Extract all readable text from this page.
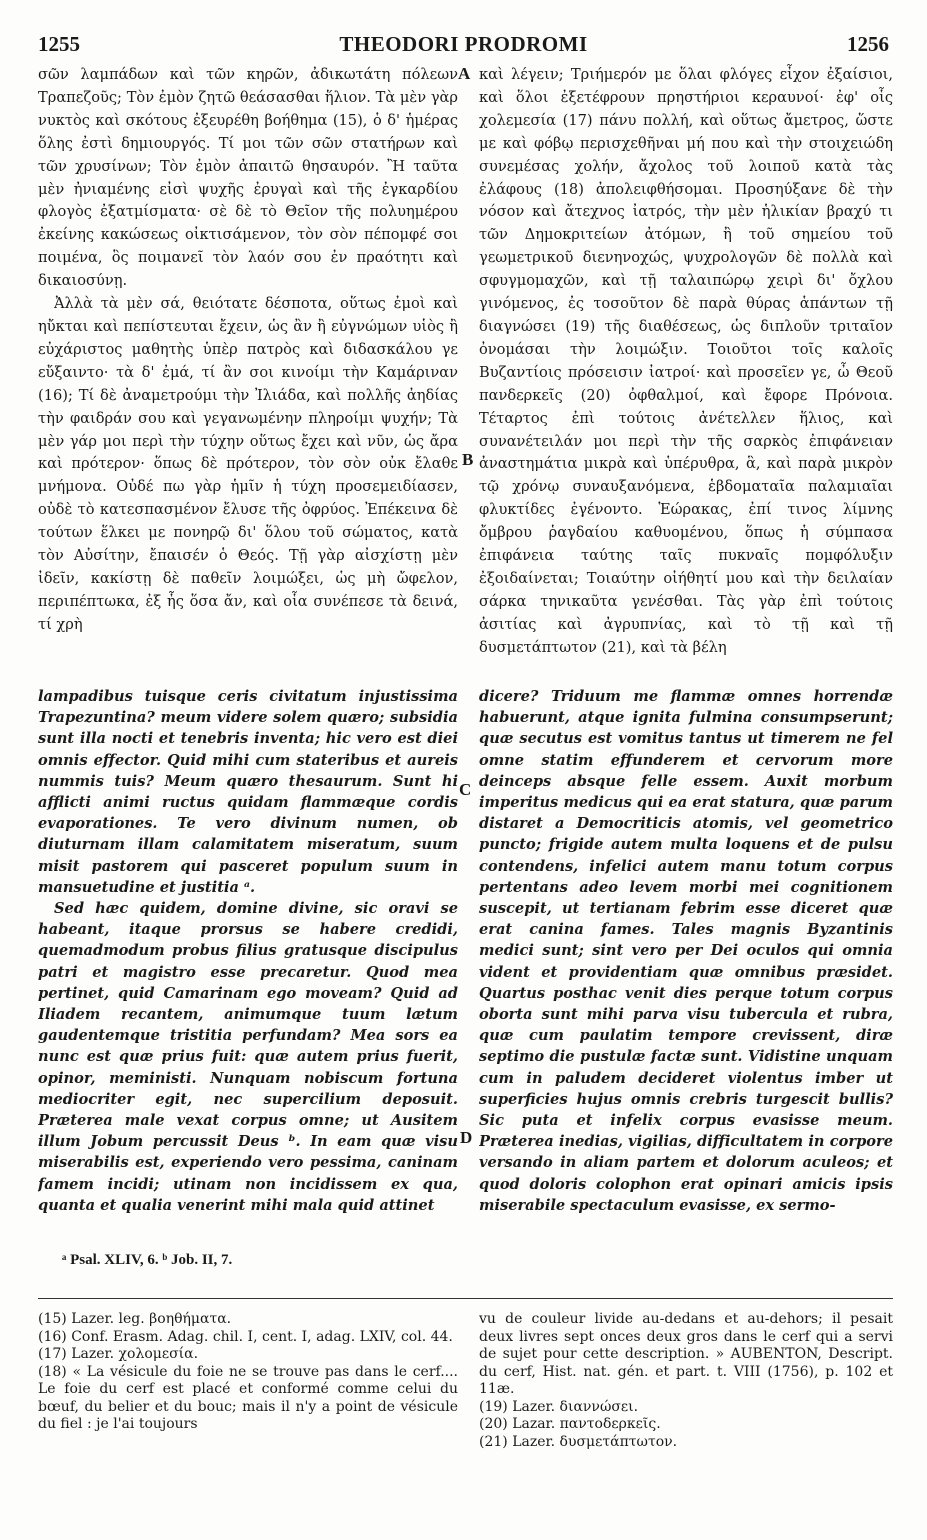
1255	THEODORI PRODROMI	1256

σῶν λαμπάδων καὶ τῶν κηρῶν, ἀδικωτάτη πόλεων Τραπεζοῦς; Τὸν ἐμὸν ζητῶ θεάσασθαι ἥλιον. Τὰ μὲν γὰρ νυκτὸς καὶ σκότους ἐξευρέθη βοήθημα (15), ὁ δ' ἡμέρας ὅλης ἐστὶ δημιουργός. Τί μοι τῶν σῶν στατήρων καὶ τῶν χρυσίνων; Τὸν ἐμὸν ἀπαιτῶ θησαυρόν. Ἢ ταῦτα μὲν ἠνιαμένης εἰσὶ ψυχῆς ἐρυγαὶ καὶ τῆς ἐγκαρδίου φλογὸς ἐξατμίσματα· σὲ δὲ τὸ Θεῖον τῆς πολυημέρου ἐκείνης κακώσεως οἰκτισάμενον, τὸν σὸν πέπομφέ σοι ποιμένα, ὃς ποιμανεῖ τὸν λαόν σου ἐν πραότητι καὶ δικαιοσύνῃ.

Ἀλλὰ τὰ μὲν σά, θειότατε δέσποτα, οὕτως ἐμοὶ καὶ ηὔκται καὶ πεπίστευται ἔχειν, ὡς ἂν ἢ εὐγνώμων υἱὸς ἢ εὐχάριστος μαθητὴς ὑπὲρ πατρὸς καὶ διδασκάλου γε εὔξαιντο· τὰ δ' ἐμά, τί ἂν σοι κινοίμι τὴν Καμάριναν (16); Τί δὲ ἀναμετρούμι τὴν Ἰλιάδα, καὶ πολλῆς ἀηδίας τὴν φαιδράν σου καὶ γεγανωμένην πληροίμι ψυχήν; Τὰ μὲν γάρ μοι περὶ τὴν τύχην οὕτως ἔχει καὶ νῦν, ὡς ἄρα καὶ πρότερον· ὅπως δὲ πρότερον, τὸν σὸν οὐκ ἔλαθε μνήμονα. Οὐδέ πω γὰρ ἡμῖν ἡ τύχη προσεμειδίασεν, οὐδὲ τὸ κατεσπασμένον ἔλυσε τῆς ὀφρύος. Ἐπέκεινα δὲ τούτων ἕλκει με πονηρῷ δι' ὅλου τοῦ σώματος, κατὰ τὸν Αὐσίτην, ἔπαισέν ὁ Θεός. Τῇ γὰρ αἰσχίστῃ μὲν ἰδεῖν, κακίστῃ δὲ παθεῖν λοιμώξει, ὡς μὴ ὤφελον, περιπέπτωκα, ἐξ ἧς ὅσα ἄν, καὶ οἷα συνέπεσε τὰ δεινά, τί χρὴ

καὶ λέγειν; Τριήμερόν με ὅλαι φλόγες εἶχον ἐξαίσιοι, καὶ ὅλοι ἐξετέφρουν πρηστήριοι κεραυνοί· ἐφ' οἷς χολεμεσία (17) πάνυ πολλή, καὶ οὕτως ἄμετρος, ὥστε με καὶ φόβῳ περισχεθῆναι μή που καὶ τὴν στοιχειώδη συνεμέσας χολήν, ἄχολος τοῦ λοιποῦ κατὰ τὰς ἐλάφους (18) ἀπολειφθήσομαι. Προσηύξανε δὲ τὴν νόσον καὶ ἄτεχνος ἰατρός, τὴν μὲν ἡλικίαν βραχύ τι τῶν Δημοκριτείων ἀτόμων, ἢ τοῦ σημείου τοῦ γεωμετρικοῦ διενηνοχώς, ψυχρολογῶν δὲ πολλὰ καὶ σφυγμομαχῶν, καὶ τῇ ταλαιπώρῳ χειρὶ δι' ὄχλου γινόμενος, ἐς τοσοῦτον δὲ παρὰ θύρας ἁπάντων τῇ διαγνώσει (19) τῆς διαθέσεως, ὡς διπλοῦν τριταῖον ὀνομάσαι τὴν λοιμώξιν. Τοιοῦτοι τοῖς καλοῖς Βυζαντίοις πρόσεισιν ἰατροί· καὶ προσεῖεν γε, ὦ Θεοῦ πανδερκεῖς (20) ὀφθαλμοί, καὶ ἔφορε Πρόνοια. Τέταρτος ἐπὶ τούτοις ἀνέτελλεν ἥλιος, καὶ συνανέτειλάν μοι περὶ τὴν τῆς σαρκὸς ἐπιφάνειαν ἀναστημάτια μικρὰ καὶ ὑπέρυθρα, ἃ, καὶ παρὰ μικρὸν τῷ χρόνῳ συναυξανόμενα, ἑβδοματαῖα παλαμιαῖαι φλυκτίδες ἐγένοντο. Ἑώρακας, ἐπί τινος λίμνης ὄμβρου ῥαγδαίου καθυομένου, ὅπως ἡ σύμπασα ἐπιφάνεια ταύτης ταῖς πυκναῖς πομφόλυξιν ἐξοιδαίνεται; Τοιαύτην οἰήθητί μου καὶ τὴν δειλαίαν σάρκα τηνικαῦτα γενέσθαι. Τὰς γὰρ ἐπὶ τούτοις ἀσιτίας καὶ ἀγρυπνίας, καὶ τὸ τῇ καὶ τῇ δυσμετάπτωτον (21), καὶ τὰ βέλη

A
B
C
D

lampadibus tuisque ceris civitatum injustissima Trapezuntina? meum videre solem quæro; subsidia sunt illa nocti et tenebris inventa; hic vero est diei omnis effector. Quid mihi cum stateribus et aureis nummis tuis? Meum quæro thesaurum. Sunt hi afflicti animi ructus quidam flammæque cordis evaporationes. Te vero divinum numen, ob diuturnam illam calamitatem miseratum, suum misit pastorem qui pasceret populum suum in mansuetudine et justitia ᵃ.

Sed hæc quidem, domine divine, sic oravi se habeant, itaque prorsus se habere credidi, quemadmodum probus filius gratusque discipulus patri et magistro esse precaretur. Quod mea pertinet, quid Camarinam ego moveam? Quid ad Iliadem recantem, animumque tuum lætum gaudentemque tristitia perfundam? Mea sors ea nunc est quæ prius fuit: quæ autem prius fuerit, opinor, meministi. Nunquam nobiscum fortuna mediocriter egit, nec supercilium deposuit. Præterea male vexat corpus omne; ut Ausitem illum Jobum percussit Deus ᵇ. In eam quæ visu miserabilis est, experiendo vero pessima, caninam famem incidi; utinam non incidissem ex qua, quanta et qualia venerint mihi mala quid attinet

dicere? Triduum me flammæ omnes horrendæ habuerunt, atque ignita fulmina consumpserunt; quæ secutus est vomitus tantus ut timerem ne fel omne statim effunderem et cervorum more deinceps absque felle essem. Auxit morbum imperitus medicus qui ea erat statura, quæ parum distaret a Democriticis atomis, vel geometrico puncto; frigide autem multa loquens et de pulsu contendens, infelici autem manu totum corpus pertentans adeo levem morbi mei cognitionem suscepit, ut tertianam febrim esse diceret quæ erat canina fames. Tales magnis Byzantinis medici sunt; sint vero per Dei oculos qui omnia vident et providentiam quæ omnibus præsidet. Quartus posthac venit dies perque totum corpus oborta sunt mihi parva visu tubercula et rubra, quæ cum paulatim tempore crevissent, diræ septimo die pustulæ factæ sunt. Vidistine unquam cum in paludem decideret violentus imber ut superficies hujus omnis crebris turgescit bullis? Sic puta et infelix corpus evasisse meum. Præterea inedias, vigilias, difficultatem in corpore versando in aliam partem et dolorum aculeos; et quod doloris colophon erat opinari amicis ipsis miserabile spectaculum evasisse, ex sermo-

ᵃ Psal. XLIV, 6. ᵇ Job. II, 7.

(15) Lazer. leg. βοηθήματα.

(16) Conf. Erasm. Adag. chil. I, cent. I, adag. LXIV, col. 44.

(17) Lazer. χολομεσία.

(18) « La vésicule du foie ne se trouve pas dans le cerf.... Le foie du cerf est placé et conformé comme celui du bœuf, du belier et du bouc; mais il n'y a point de vésicule du fiel : je l'ai toujours

vu de couleur livide au-dedans et au-dehors; il pesait deux livres sept onces deux gros dans le cerf qui a servi de sujet pour cette description. » AUBENTON, Descript. du cerf, Hist. nat. gén. et part. t. VIII (1756), p. 102 et 11æ.

(19) Lazer. διαννώσει.

(20) Lazar. παντοδερκεῖς.

(21) Lazer. δυσμετάπτωτον.
